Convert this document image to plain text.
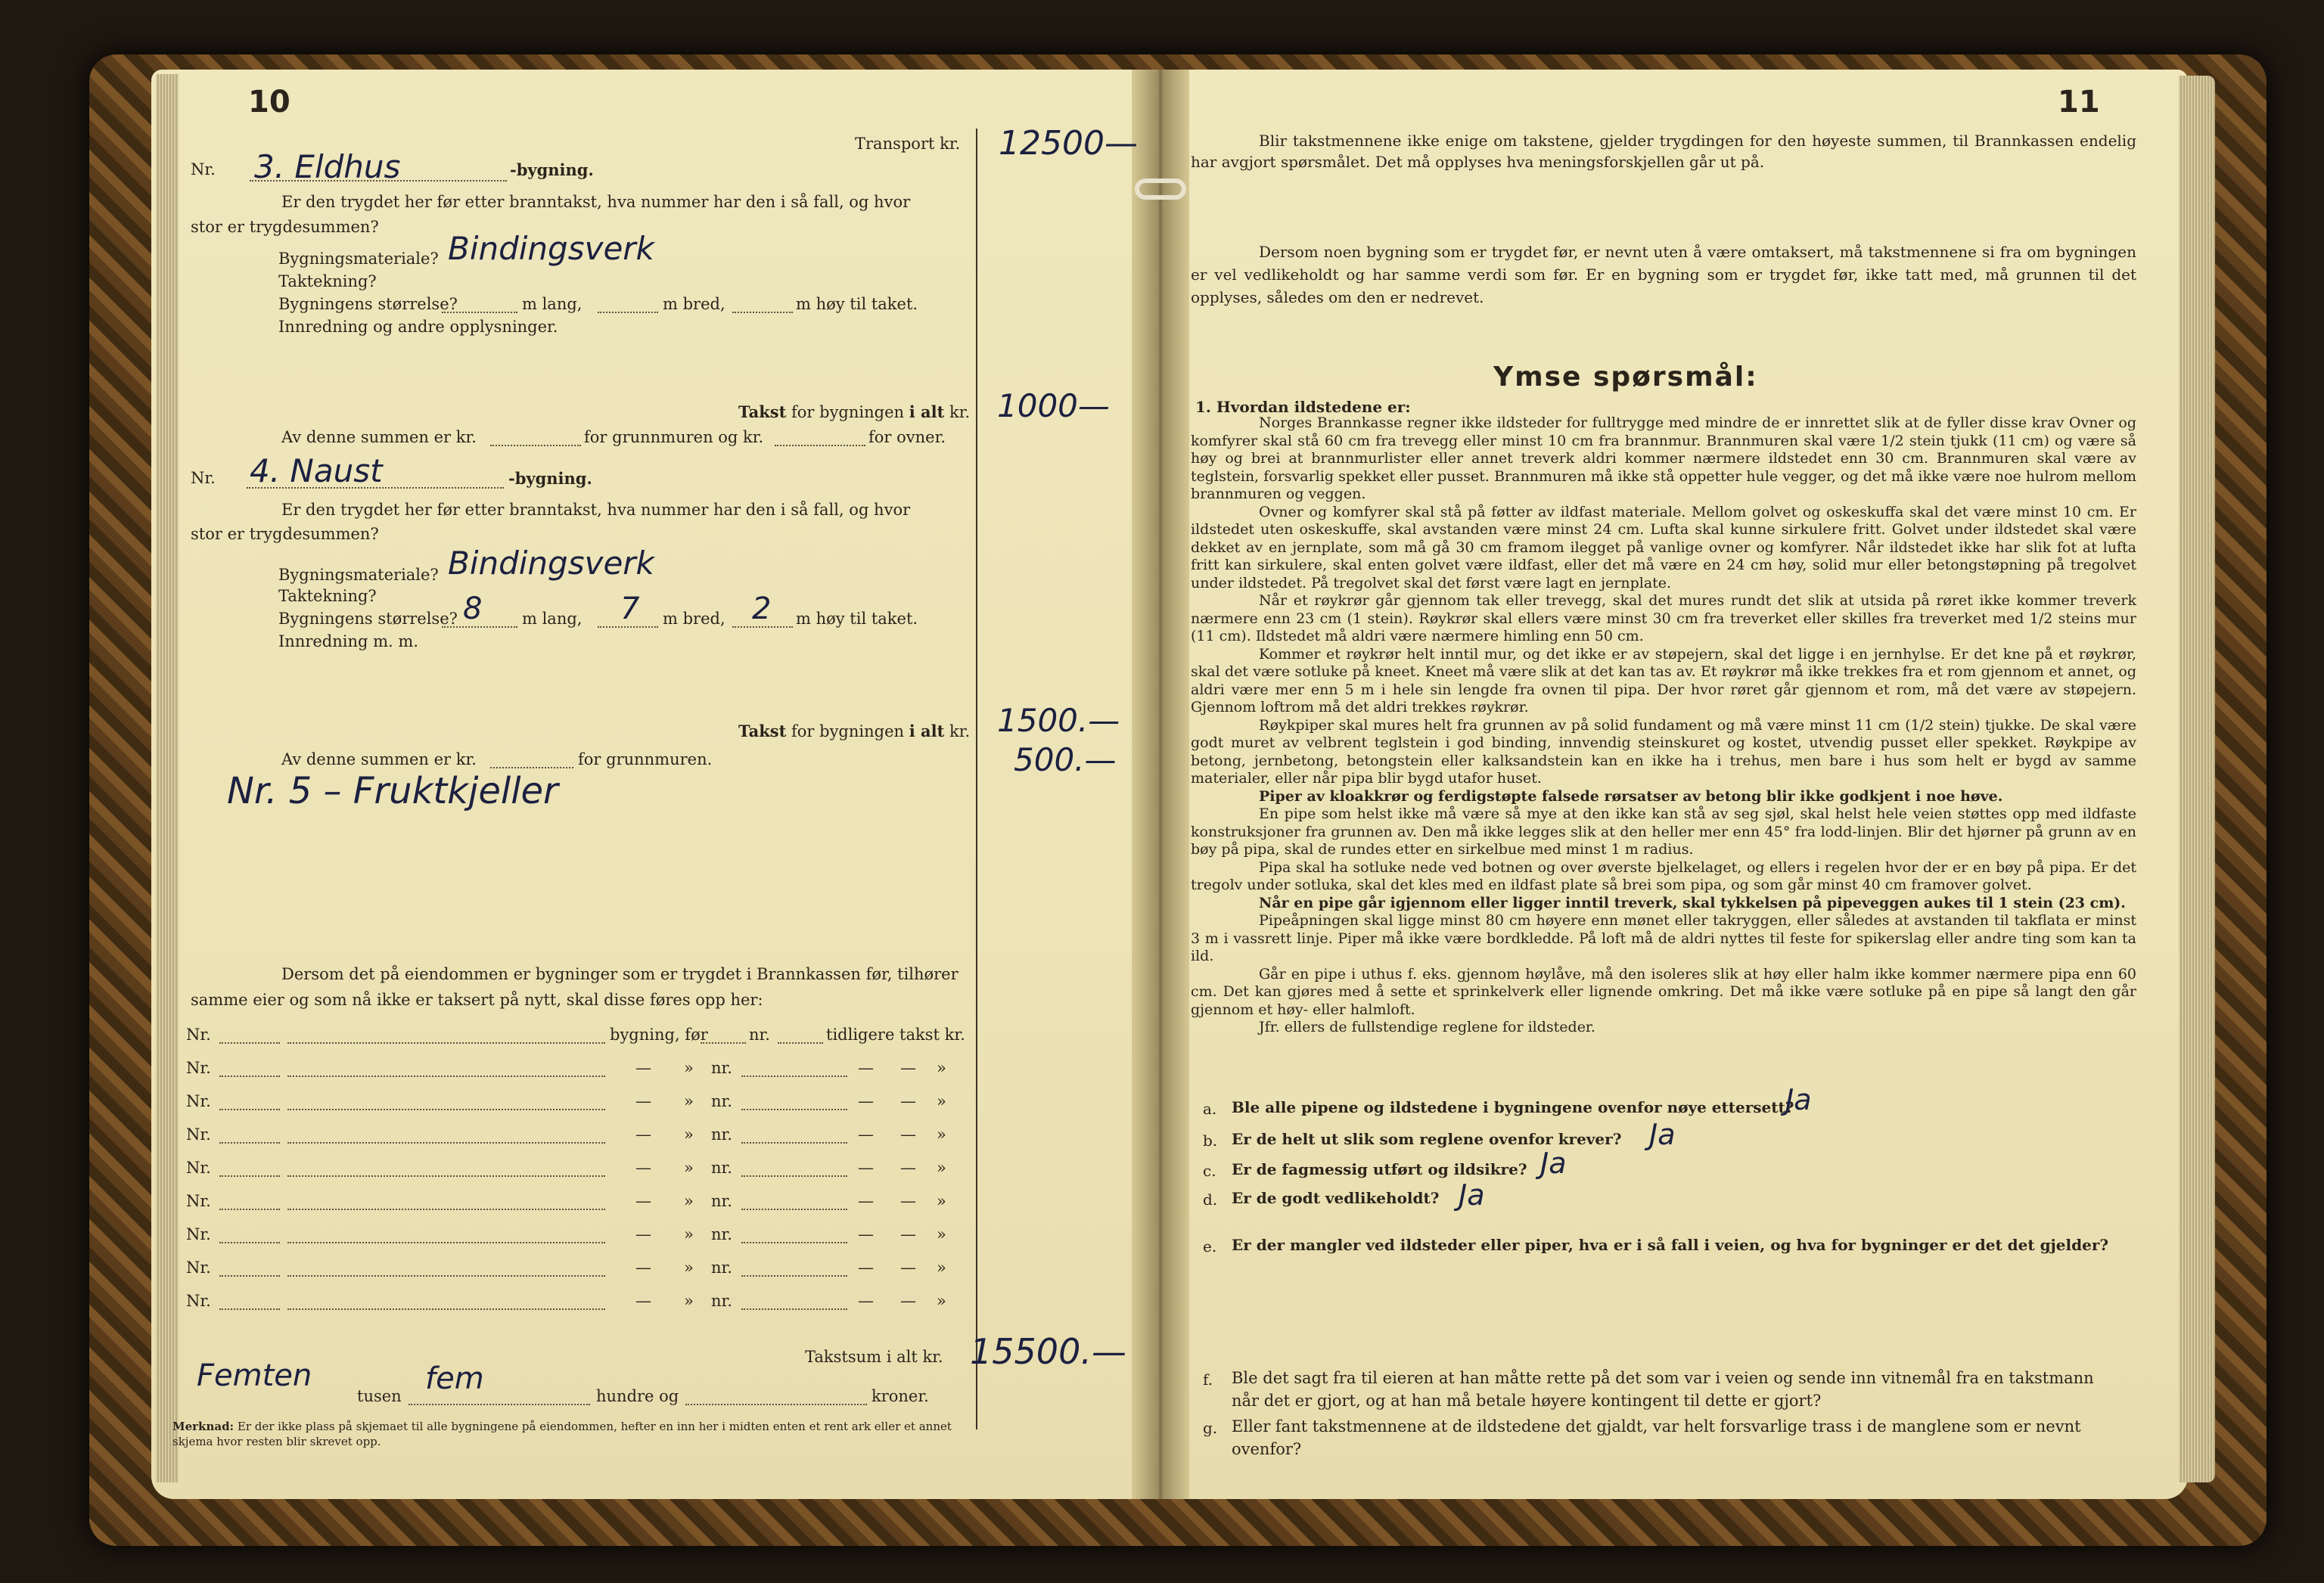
10
Transport kr. 12500—
Nr. 3. Eldhus	-bygning.
Er den trygdet her før etter branntakst, hva nummer har den i så fall, og hvor
stor er trygdesummen?
Bygningsmateriale? Bindingsverk
Taktekning?
Bygningens størrelse?	m lang,	m bred,	m høy til taket.
Innredning og andre opplysninger.
Takst for bygningen i alt kr. 1000—
Av denne summen er kr.	for grunnmuren og kr.	for ovner.
Nr. 4. Naust	-bygning.
Er den trygdet her før etter branntakst, hva nummer har den i så fall, og hvor
stor er trygdesummen?
Bygningsmateriale? Bindingsverk
Taktekning?
Bygningens størrelse? 8	m lang, 7 m bred, 2 m høy til taket.
Innredning m. m.
Takst for bygningen i alt kr. 1500.—
500.—
Av denne summen er kr.	for grunnmuren.
Nr. 5 – Fruktkjeller
Dersom det på eiendommen er bygninger som er trygdet i Brannkassen før, tilhører
samme eier og som nå ikke er taksert på nytt, skal disse føres opp her:
Nr.	bygning, før	nr.	tidligere takst kr.
Nr.	— » nr.	— — »
Nr.	— » nr.	— — »
Nr.	— » nr.	— — »
Nr.	— » nr.	— — »
Nr.	— » nr.	— — »
Nr.	— » nr.	— — »
Nr.	— » nr.	— — »
Nr.	— » nr.	— — »
Takstsum i alt kr. 15500.—
Femten
tusen fem	hundre og	kroner.
Merknad: Er der ikke plass på skjemaet til alle bygningene på eiendommen, hefter en inn her i midten enten et rent ark eller et annet
skjema hvor resten blir skrevet opp.
11

Blir takstmennene ikke enige om takstene, gjelder trygdingen for den høyeste summen, til Brannkassen endelig har avgjort spørsmålet. Det må opplyses hva meningsforskjellen går ut på.

Dersom noen bygning som er trygdet før, er nevnt uten å være omtaksert, må takstmennene si fra om bygningen er vel vedlikeholdt og har samme verdi som før. Er en bygning som er trygdet før, ikke tatt med, må grunnen til det opplyses, således om den er nedrevet.

Ymse spørsmål:
1. Hvordan ildstedene er:

Norges Brannkasse regner ikke ildsteder for fulltrygge med mindre de er innrettet slik at de fyller disse krav Ovner og komfyrer skal stå 60 cm fra trevegg eller minst 10 cm fra brannmur. Brannmuren skal være 1/2 stein tjukk (11 cm) og være så høy og brei at brannmurlister eller annet treverk aldri kommer nærmere ildstedet enn 30 cm. Brannmuren skal være av teglstein, forsvarlig spekket eller pusset. Brannmuren må ikke stå oppetter hule vegger, og det må ikke være noe hulrom mellom brannmuren og veggen.

Ovner og komfyrer skal stå på føtter av ildfast materiale. Mellom golvet og oskeskuffa skal det være minst 10 cm. Er ildstedet uten oskeskuffe, skal avstanden være minst 24 cm. Lufta skal kunne sirkulere fritt. Golvet under ildstedet skal være dekket av en jernplate, som må gå 30 cm framom ilegget på vanlige ovner og komfyrer. Når ildstedet ikke har slik fot at lufta fritt kan sirkulere, skal enten golvet være ildfast, eller det må være en 24 cm høy, solid mur eller betongstøpning på tregolvet under ildstedet. På tregolvet skal det først være lagt en jernplate.

Når et røykrør går gjennom tak eller trevegg, skal det mures rundt det slik at utsida på røret ikke kommer treverk nærmere enn 23 cm (1 stein). Røykrør skal ellers være minst 30 cm fra treverket eller skilles fra treverket med 1/2 steins mur (11 cm). Ildstedet må aldri være nærmere himling enn 50 cm.

Kommer et røykrør helt inntil mur, og det ikke er av støpejern, skal det ligge i en jernhylse. Er det kne på et røykrør, skal det være sotluke på kneet. Kneet må være slik at det kan tas av. Et røykrør må ikke trekkes fra et rom gjennom et annet, og aldri være mer enn 5 m i hele sin lengde fra ovnen til pipa. Der hvor røret går gjennom et rom, må det være av støpejern. Gjennom loftrom må det aldri trekkes røykrør.

Røykpiper skal mures helt fra grunnen av på solid fundament og må være minst 11 cm (1/2 stein) tjukke. De skal være godt muret av velbrent teglstein i god binding, innvendig steinskuret og kostet, utvendig pusset eller spekket. Røykpipe av betong, jernbetong, betongstein eller kalksandstein kan en ikke ha i trehus, men bare i hus som helt er bygd av samme materialer, eller når pipa blir bygd utafor huset.

Piper av kloakkrør og ferdigstøpte falsede rørsatser av betong blir ikke godkjent i noe høve.

En pipe som helst ikke må være så mye at den ikke kan stå av seg sjøl, skal helst hele veien støttes opp med ildfaste konstruksjoner fra grunnen av. Den må ikke legges slik at den heller mer enn 45° fra lodd-linjen. Blir det hjørner på grunn av en bøy på pipa, skal de rundes etter en sirkelbue med minst 1 m radius.

Pipa skal ha sotluke nede ved botnen og over øverste bjelkelaget, og ellers i regelen hvor der er en bøy på pipa. Er det tregolv under sotluka, skal det kles med en ildfast plate så brei som pipa, og som går minst 40 cm framover golvet.

Når en pipe går igjennom eller ligger inntil treverk, skal tykkelsen på pipeveggen aukes til 1 stein (23 cm).

Pipeåpningen skal ligge minst 80 cm høyere enn mønet eller takryggen, eller således at avstanden til takflata er minst 3 m i vassrett linje. Piper må ikke være bordkledde. På loft må de aldri nyttes til feste for spikerslag eller andre ting som kan ta ild.

Går en pipe i uthus f. eks. gjennom høylåve, må den isoleres slik at høy eller halm ikke kommer nærmere pipa enn 60 cm. Det kan gjøres med å sette et sprinkelverk eller lignende omkring. Det må ikke være sotluke på en pipe så langt den går gjennom et høy- eller halmloft.

Jfr. ellers de fullstendige reglene for ildsteder.

a. Ble alle pipene og ildstedene i bygningene ovenfor nøye ettersett?
Ja
b. Er de helt ut slik som reglene ovenfor krever? Ja
c. Er de fagmessig utført og ildsikre? Ja
d. Er de godt vedlikeholdt? Ja
e. Er der mangler ved ildsteder eller piper, hva er i så fall i veien, og hva for bygninger er det det gjelder?
f. Ble det sagt fra til eieren at han måtte rette på det som var i veien og sende inn vitnemål fra en takstmann
når det er gjort, og at han må betale høyere kontingent til dette er gjort?
g. Eller fant takstmennene at de ildstedene det gjaldt, var helt forsvarlige trass i de manglene som er nevnt
ovenfor?
